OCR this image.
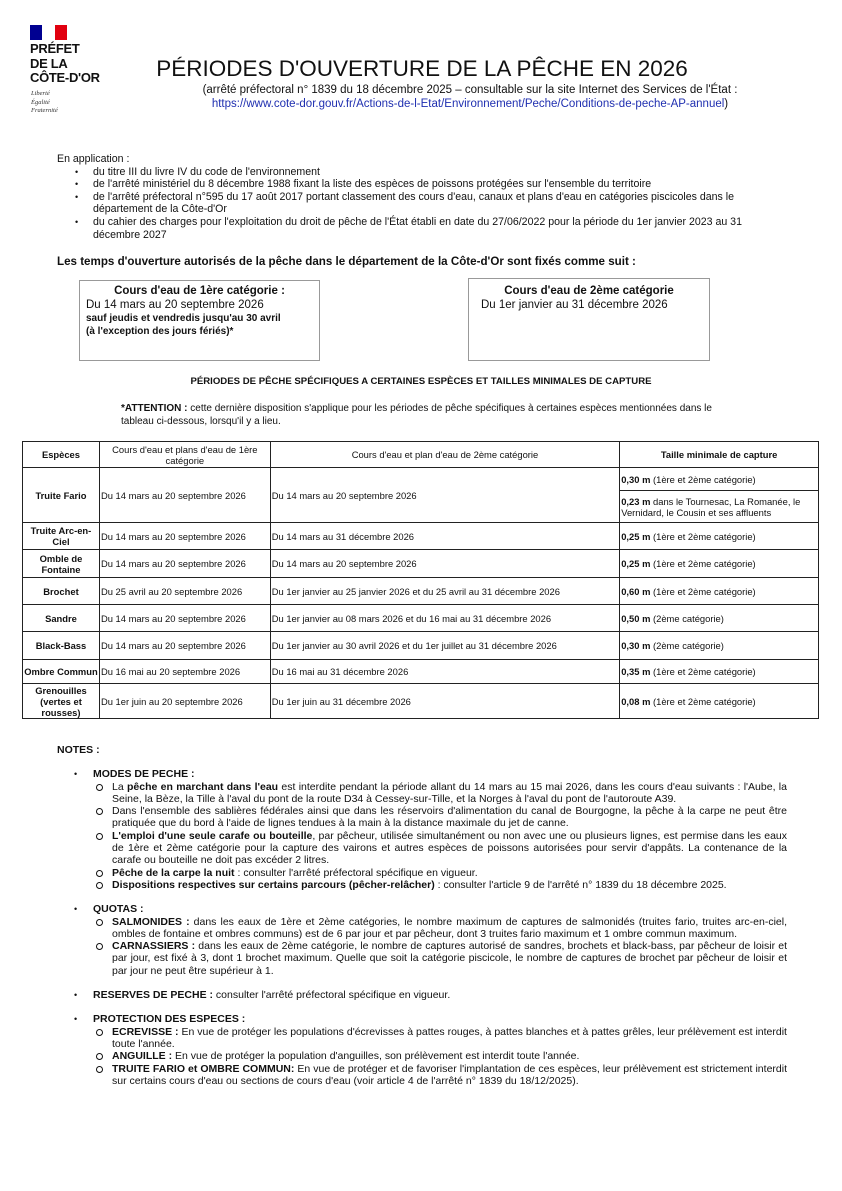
PRÉFET
DE LA
CÔTE-D'OR
Liberté
Égalité
Fraternité
PÉRIODES D'OUVERTURE DE LA PÊCHE EN 2026
(arrêté préfectoral n° 1839 du 18 décembre 2025 – consultable sur la site Internet des Services de l'État :
https://www.cote-dor.gouv.fr/Actions-de-l-Etat/Environnement/Peche/Conditions-de-peche-AP-annuel)
En application :
• du titre III du livre IV du code de l'environnement
• de l'arrêté ministériel du 8 décembre 1988 fixant la liste des espèces de poissons protégées sur l'ensemble du territoire
• de l'arrêté préfectoral n°595 du 17 août 2017 portant classement des cours d'eau, canaux et plans d'eau en catégories piscicoles dans le département de la Côte-d'Or
• du cahier des charges pour l'exploitation du droit de pêche de l'État établi en date du 27/06/2022 pour la période du 1er janvier 2023 au 31 décembre 2027
Les temps d'ouverture autorisés de la pêche dans le département de la Côte-d'Or sont fixés comme suit :
Cours d'eau de 1ère catégorie :
Du 14 mars au 20 septembre 2026
sauf jeudis et vendredis jusqu'au 30 avril
(à l'exception des jours fériés)*
Cours d'eau de 2ème catégorie
Du 1er janvier au 31 décembre 2026
PÉRIODES DE PÊCHE SPÉCIFIQUES A CERTAINES ESPÈCES ET TAILLES MINIMALES DE CAPTURE
*ATTENTION : cette dernière disposition s'applique pour les périodes de pêche spécifiques à certaines espèces mentionnées dans le tableau ci-dessous, lorsqu'il y a lieu.
Espèces	Cours d'eau et plans d'eau de 1ère catégorie	Cours d'eau et plan d'eau de 2ème catégorie	Taille minimale de capture
Truite Fario	Du 14 mars au 20 septembre 2026	Du 14 mars au 20 septembre 2026	0,30 m (1ère et 2ème catégorie)
			0,23 m dans le Tournesac, La Romanée, le Vernidard, le Cousin et ses affluents
Truite Arc-en-Ciel	Du 14 mars au 20 septembre 2026	Du 14 mars au 31 décembre 2026	0,25 m (1ère et 2ème catégorie)
Omble de Fontaine	Du 14 mars au 20 septembre 2026	Du 14 mars au 20 septembre 2026	0,25 m (1ère et 2ème catégorie)
Brochet	Du 25 avril au 20 septembre 2026	Du 1er janvier au 25 janvier 2026 et du 25 avril au 31 décembre 2026	0,60 m (1ère et 2ème catégorie)
Sandre	Du 14 mars au 20 septembre 2026	Du 1er janvier au 08 mars 2026 et du 16 mai au 31 décembre 2026	0,50 m (2ème catégorie)
Black-Bass	Du 14 mars au 20 septembre 2026	Du 1er janvier au 30 avril 2026 et du 1er juillet au 31 décembre 2026	0,30 m (2ème catégorie)
Ombre Commun	Du 16 mai au 20 septembre 2026	Du 16 mai au 31 décembre 2026	0,35 m (1ère et 2ème catégorie)
Grenouilles (vertes et rousses)	Du 1er juin au 20 septembre 2026	Du 1er juin au 31 décembre 2026	0,08 m (1ère et 2ème catégorie)
NOTES :
• MODES DE PECHE :
La pêche en marchant dans l'eau est interdite pendant la période allant du 14 mars au 15 mai 2026, dans les cours d'eau suivants : l'Aube, la Seine, la Bèze, la Tille à l'aval du pont de la route D34 à Cessey-sur-Tille, et la Norges à l'aval du pont de l'autoroute A39.
Dans l'ensemble des sablières fédérales ainsi que dans les réservoirs d'alimentation du canal de Bourgogne, la pêche à la carpe ne peut être pratiquée que du bord à l'aide de lignes tendues à la main à la distance maximale du jet de canne.
L'emploi d'une seule carafe ou bouteille, par pêcheur, utilisée simultanément ou non avec une ou plusieurs lignes, est permise dans les eaux de 1ère et 2ème catégorie pour la capture des vairons et autres espèces de poissons autorisées pour servir d'appâts. La contenance de la carafe ou bouteille ne doit pas excéder 2 litres.
Pêche de la carpe la nuit : consulter l'arrêté préfectoral spécifique en vigueur.
Dispositions respectives sur certains parcours (pêcher-relâcher) : consulter l'article 9 de l'arrêté n° 1839 du 18 décembre 2025.
• QUOTAS :
SALMONIDES : dans les eaux de 1ère et 2ème catégories, le nombre maximum de captures de salmonidés (truites fario, truites arc-en-ciel, ombles de fontaine et ombres communs) est de 6 par jour et par pêcheur, dont 3 truites fario maximum et 1 ombre commun maximum.
CARNASSIERS : dans les eaux de 2ème catégorie, le nombre de captures autorisé de sandres, brochets et black-bass, par pêcheur de loisir et par jour, est fixé à 3, dont 1 brochet maximum. Quelle que soit la catégorie piscicole, le nombre de captures de brochet par pêcheur de loisir et par jour ne peut être supérieur à 1.
• RESERVES DE PECHE : consulter l'arrêté préfectoral spécifique en vigueur.
• PROTECTION DES ESPECES :
ECREVISSE : En vue de protéger les populations d'écrevisses à pattes rouges, à pattes blanches et à pattes grêles, leur prélèvement est interdit toute l'année.
ANGUILLE : En vue de protéger la population d'anguilles, son prélèvement est interdit toute l'année.
TRUITE FARIO et OMBRE COMMUN: En vue de protéger et de favoriser l'implantation de ces espèces, leur prélèvement est strictement interdit sur certains cours d'eau ou sections de cours d'eau (voir article 4 de l'arrêté n° 1839 du 18/12/2025).
